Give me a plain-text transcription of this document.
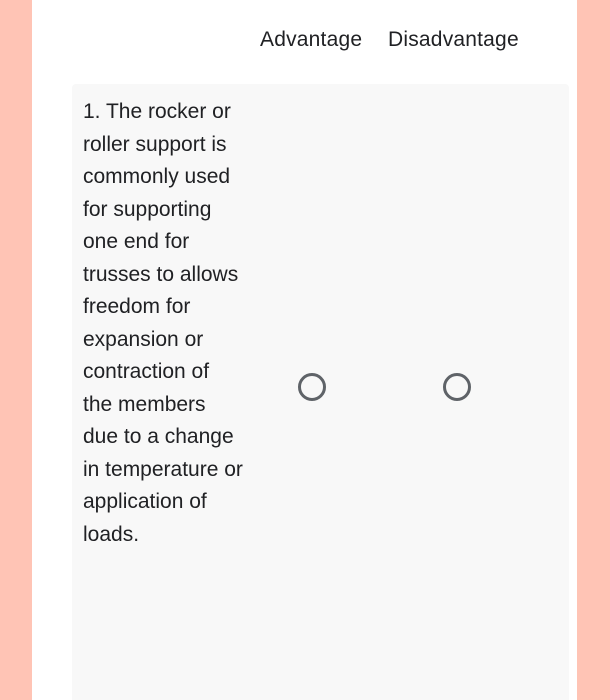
Advantage Disadvantage

1. The rocker or roller support is commonly used for supporting one end for trusses to allows freedom for expansion or contraction of the members due to a change in temperature or application of loads.
